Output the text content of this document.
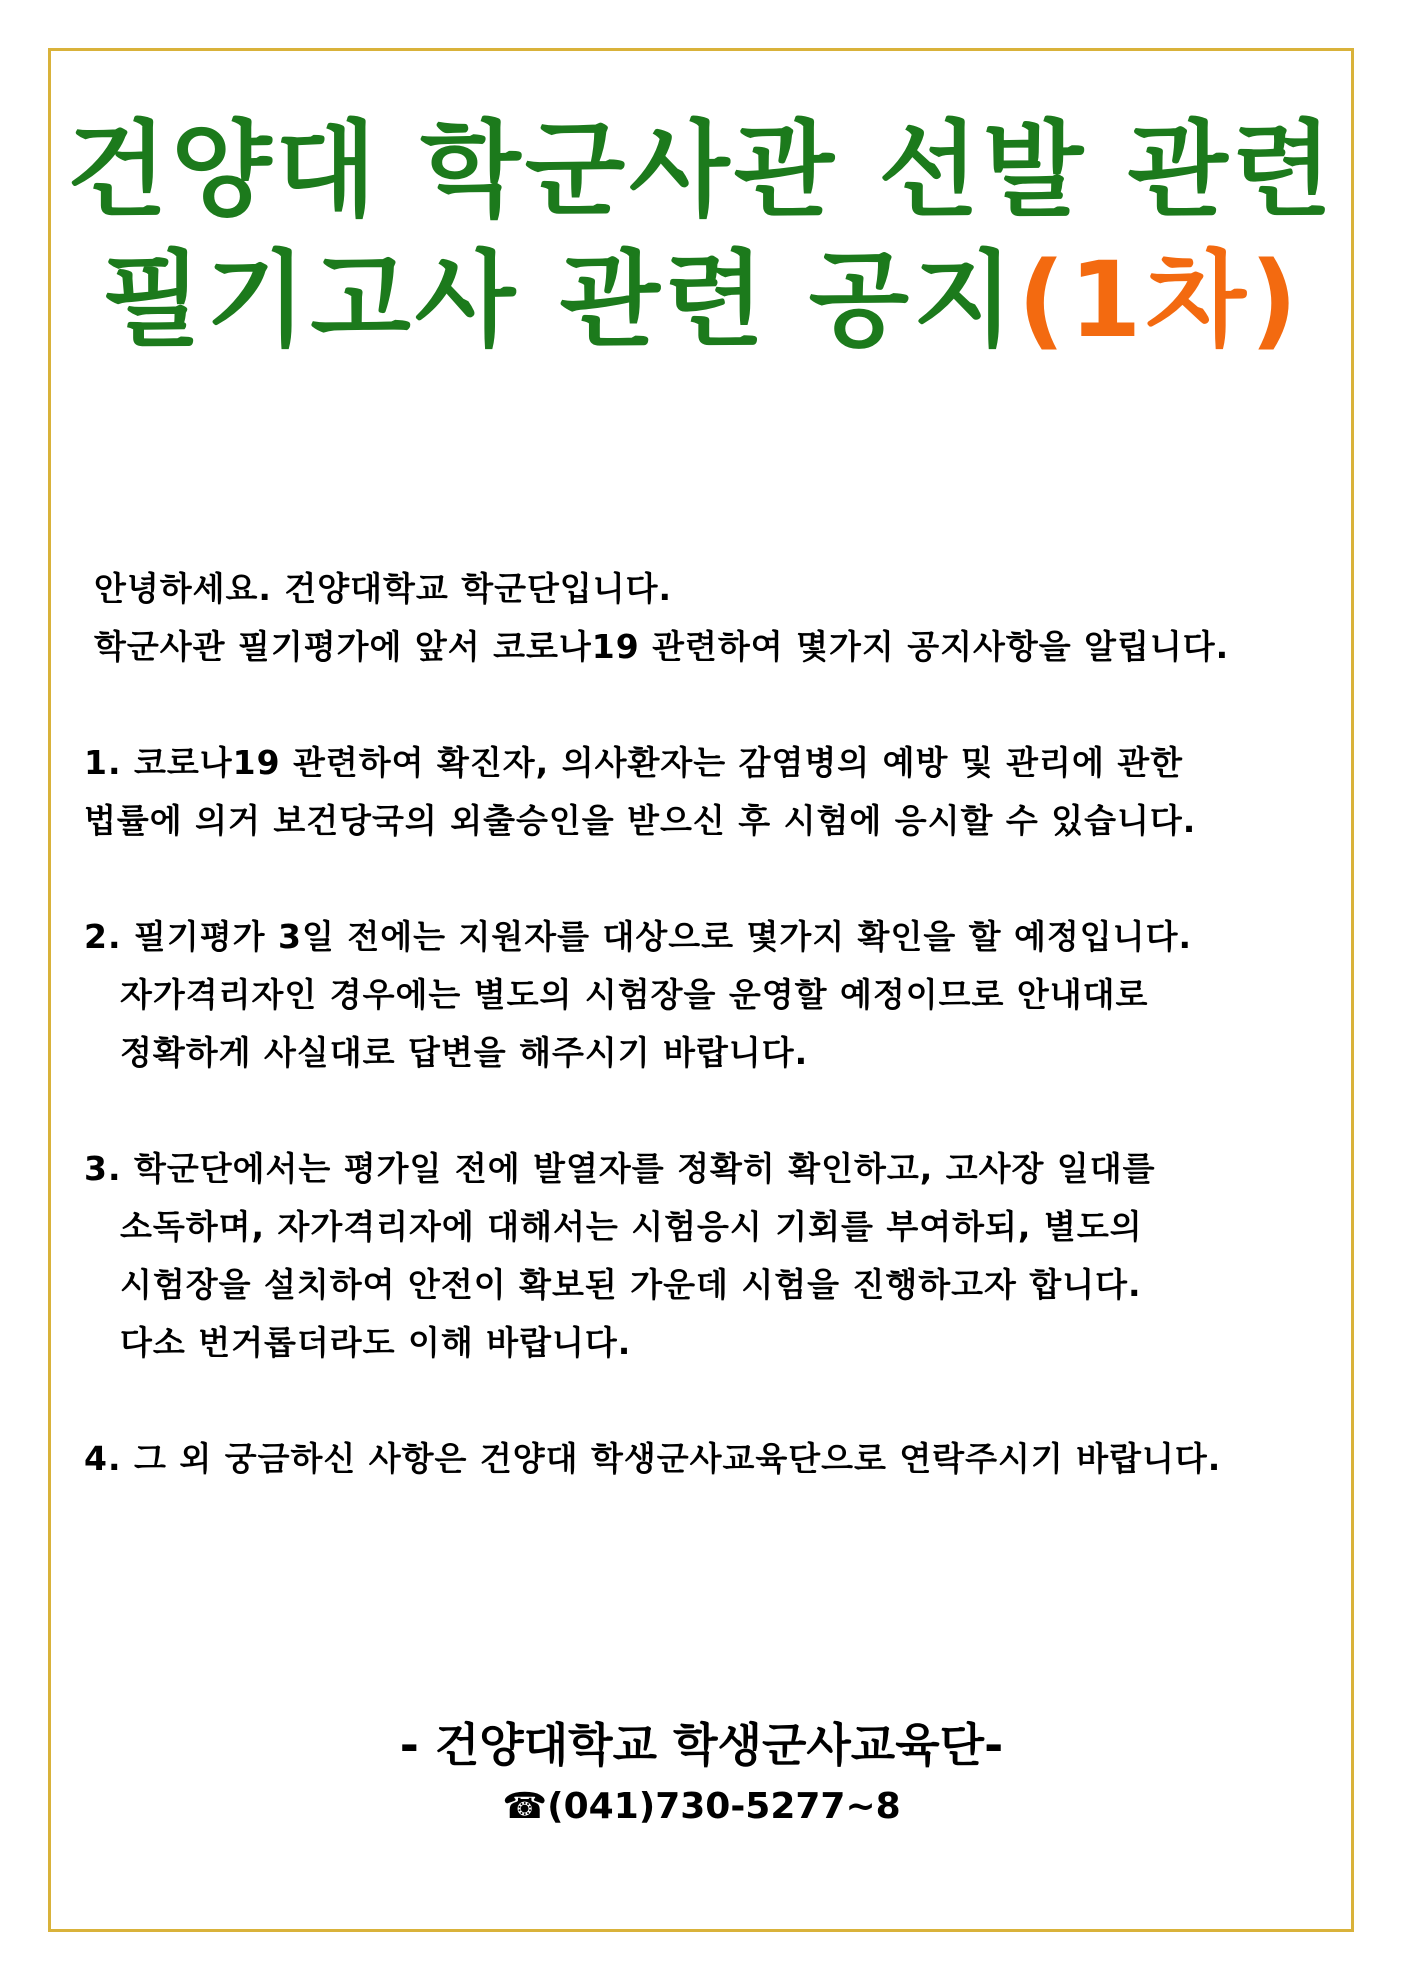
건양대 학군사관 선발 관련
필기고사 관련 공지(1차)

안녕하세요. 건양대학교 학군단입니다.

학군사관 필기평가에 앞서 코로나19 관련하여 몇가지 공지사항을 알립니다.

1. 코로나19 관련하여 확진자, 의사환자는 감염병의 예방 및 관리에 관한

법률에 의거 보건당국의 외출승인을 받으신 후 시험에 응시할 수 있습니다.

2. 필기평가 3일 전에는 지원자를 대상으로 몇가지 확인을 할 예정입니다.

자가격리자인 경우에는 별도의 시험장을 운영할 예정이므로 안내대로

정확하게 사실대로 답변을 해주시기 바랍니다.

3. 학군단에서는 평가일 전에 발열자를 정확히 확인하고, 고사장 일대를

소독하며, 자가격리자에 대해서는 시험응시 기회를 부여하되, 별도의

시험장을 설치하여 안전이 확보된 가운데 시험을 진행하고자 합니다.

다소 번거롭더라도 이해 바랍니다.

4. 그 외 궁금하신 사항은 건양대 학생군사교육단으로 연락주시기 바랍니다.

- 건양대학교 학생군사교육단-
☎(041)730-5277~8
